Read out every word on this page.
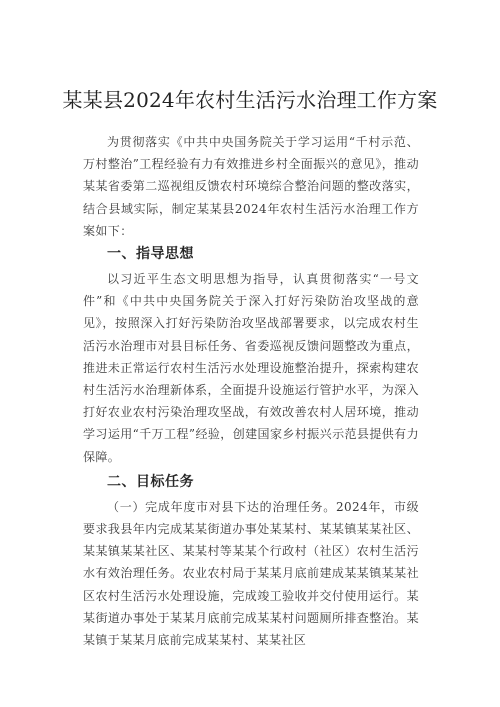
某某县2024年农村生活污水治理工作方案

为贯彻落实《中共中央国务院关于学习运用“千村示范、万村整治”工程经验有力有效推进乡村全面振兴的意见》，推动某某省委第二巡视组反馈农村环境综合整治问题的整改落实，结合县域实际，制定某某县2024年农村生活污水治理工作方案如下：

一、指导思想

以习近平生态文明思想为指导，认真贯彻落实“一号文件”和《中共中央国务院关于深入打好污染防治攻坚战的意见》，按照深入打好污染防治攻坚战部署要求，以完成农村生活污水治理市对县目标任务、省委巡视反馈问题整改为重点，推进未正常运行农村生活污水处理设施整治提升，探索构建农村生活污水治理新体系，全面提升设施运行管护水平，为深入打好农业农村污染治理攻坚战，有效改善农村人居环境，推动学习运用“千万工程”经验，创建国家乡村振兴示范县提供有力保障。

二、目标任务

（一）完成年度市对县下达的治理任务。2024年，市级要求我县年内完成某某街道办事处某某村、某某镇某某社区、某某镇某某社区、某某村等某某个行政村（社区）农村生活污水有效治理任务。农业农村局于某某月底前建成某某镇某某社区农村生活污水处理设施，完成竣工验收并交付使用运行。某某街道办事处于某某月底前完成某某村问题厕所排查整治。某某镇于某某月底前完成某某村、某某社区
